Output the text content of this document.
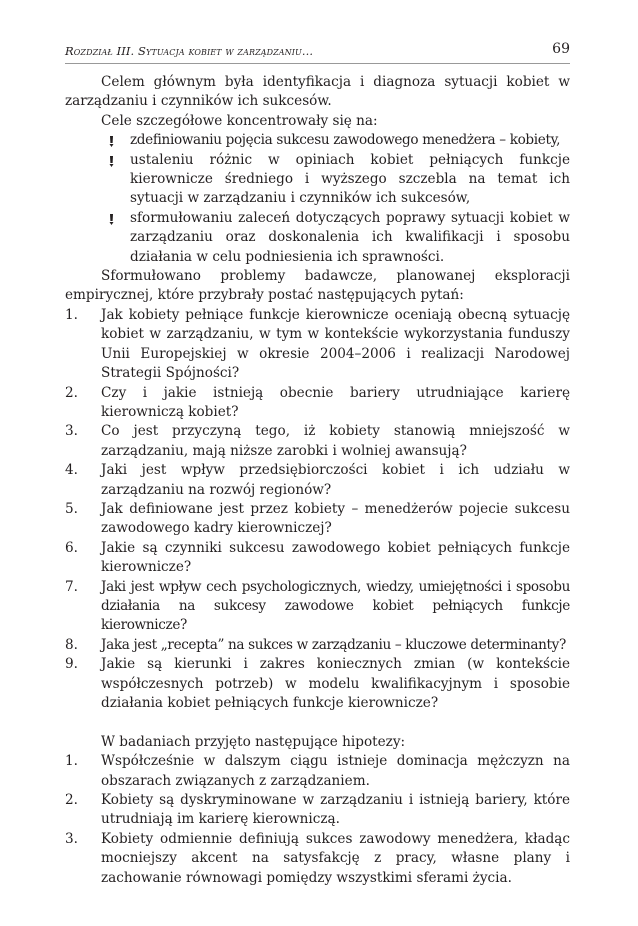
Rozdział III. Sytuacja kobiet w zarządzaniu...	69

Celem głównym była identyfikacja i diagnoza sytuacji kobiet w zarządzaniu i czynników ich sukcesów.

Cele szczegółowe koncentrowały się na:

zdefiniowaniu pojęcia sukcesu zawodowego menedżera – kobiety,

ustaleniu różnic w opiniach kobiet pełniących funkcje kierowniczе średniego i wyższego szczebla na temat ich sytuacji w zarządzaniu i czynników ich sukcesów,

sformułowaniu zaleceń dotyczących poprawy sytuacji kobiet w zarządzaniu oraz doskonalenia ich kwalifikacji i sposobu działania w celu podniesienia ich sprawności.

Sformułowano problemy badawcze, planowanej eksploracji empirycznej, które przybrały postać następujących pytań:

1. Jak kobiety pełniące funkcje kierownicze oceniają obecną sytuację kobiet w zarządzaniu, w tym w kontekście wykorzystania funduszy Unii Europejskiej w okresie 2004–2006 i realizacji Narodowej Strategii Spójności?

2. Czy i jakie istnieją obecnie bariery utrudniające karierę kierowniczą kobiet?

3. Co jest przyczyną tego, iż kobiety stanowią mniejszość w zarządzaniu, mają niższe zarobki i wolniej awansują?

4. Jaki jest wpływ przedsiębiorczości kobiet i ich udziału w zarządzaniu na rozwój regionów?

5. Jak definiowane jest przez kobiety – menedżerów pojecie sukcesu zawodowego kadry kierowniczej?

6. Jakie są czynniki sukcesu zawodowego kobiet pełniących funkcje kierownicze?

7. Jaki jest wpływ cech psychologicznych, wiedzy, umiejętności i sposobu działania na sukcesy zawodowe kobiet pełniących funkcje kierownicze?

8. Jaka jest „recepta” na sukces w zarządzaniu – kluczowe determinanty?

9. Jakie są kierunki i zakres koniecznych zmian (w kontekście współczesnych potrzeb) w modelu kwalifikacyjnym i sposobie działania kobiet pełniących funkcje kierownicze?

W badaniach przyjęto następujące hipotezy:

1. Współcześnie w dalszym ciągu istnieje dominacja mężczyzn na obszarach związanych z zarządzaniem.

2. Kobiety są dyskryminowane w zarządzaniu i istnieją bariery, które utrudniają im karierę kierowniczą.

3. Kobiety odmiennie definiują sukces zawodowy menedżera, kładąc mocniejszy akcent na satysfakcję z pracy, własne plany i zachowanie równowagi pomiędzy wszystkimi sferami życia.
